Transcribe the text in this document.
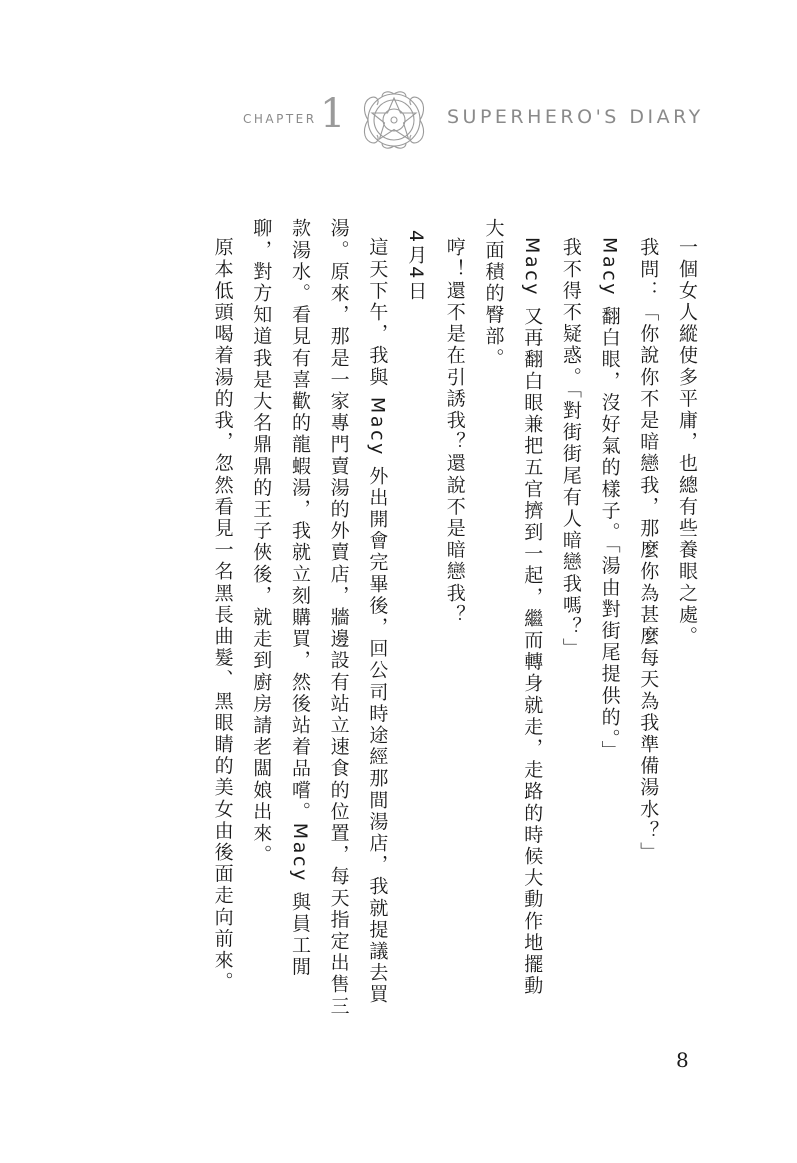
CHAPTER 1	SUPERHERO'S DIARY

一個女人縱使多平庸，也總有些養眼之處。

我問：「你說你不是暗戀我，那麼你為甚麼每天為我準備湯水？」

Macy 翻白眼，沒好氣的樣子。「湯由對街尾提供的。」

我不得不疑惑。「對街街尾有人暗戀我嗎？」

Macy 又再翻白眼兼把五官擠到一起，繼而轉身就走，走路的時候大動作地擺動大面積的臀部。

哼！還不是在引誘我？還說不是暗戀我？

4月4日

這天下午，我與 Macy 外出開會完畢後，回公司時途經那間湯店，我就提議去買湯。原來，那是一家專門賣湯的外賣店，牆邊設有站立速食的位置，每天指定出售三款湯水。看見有喜歡的龍蝦湯，我就立刻購買，然後站着品嚐。Macy 與員工閒聊，對方知道我是大名鼎鼎的王子俠後，就走到廚房請老闆娘出來。

原本低頭喝着湯的我，忽然看見一名黑長曲髮、黑眼睛的美女由後面走向前來。

8
